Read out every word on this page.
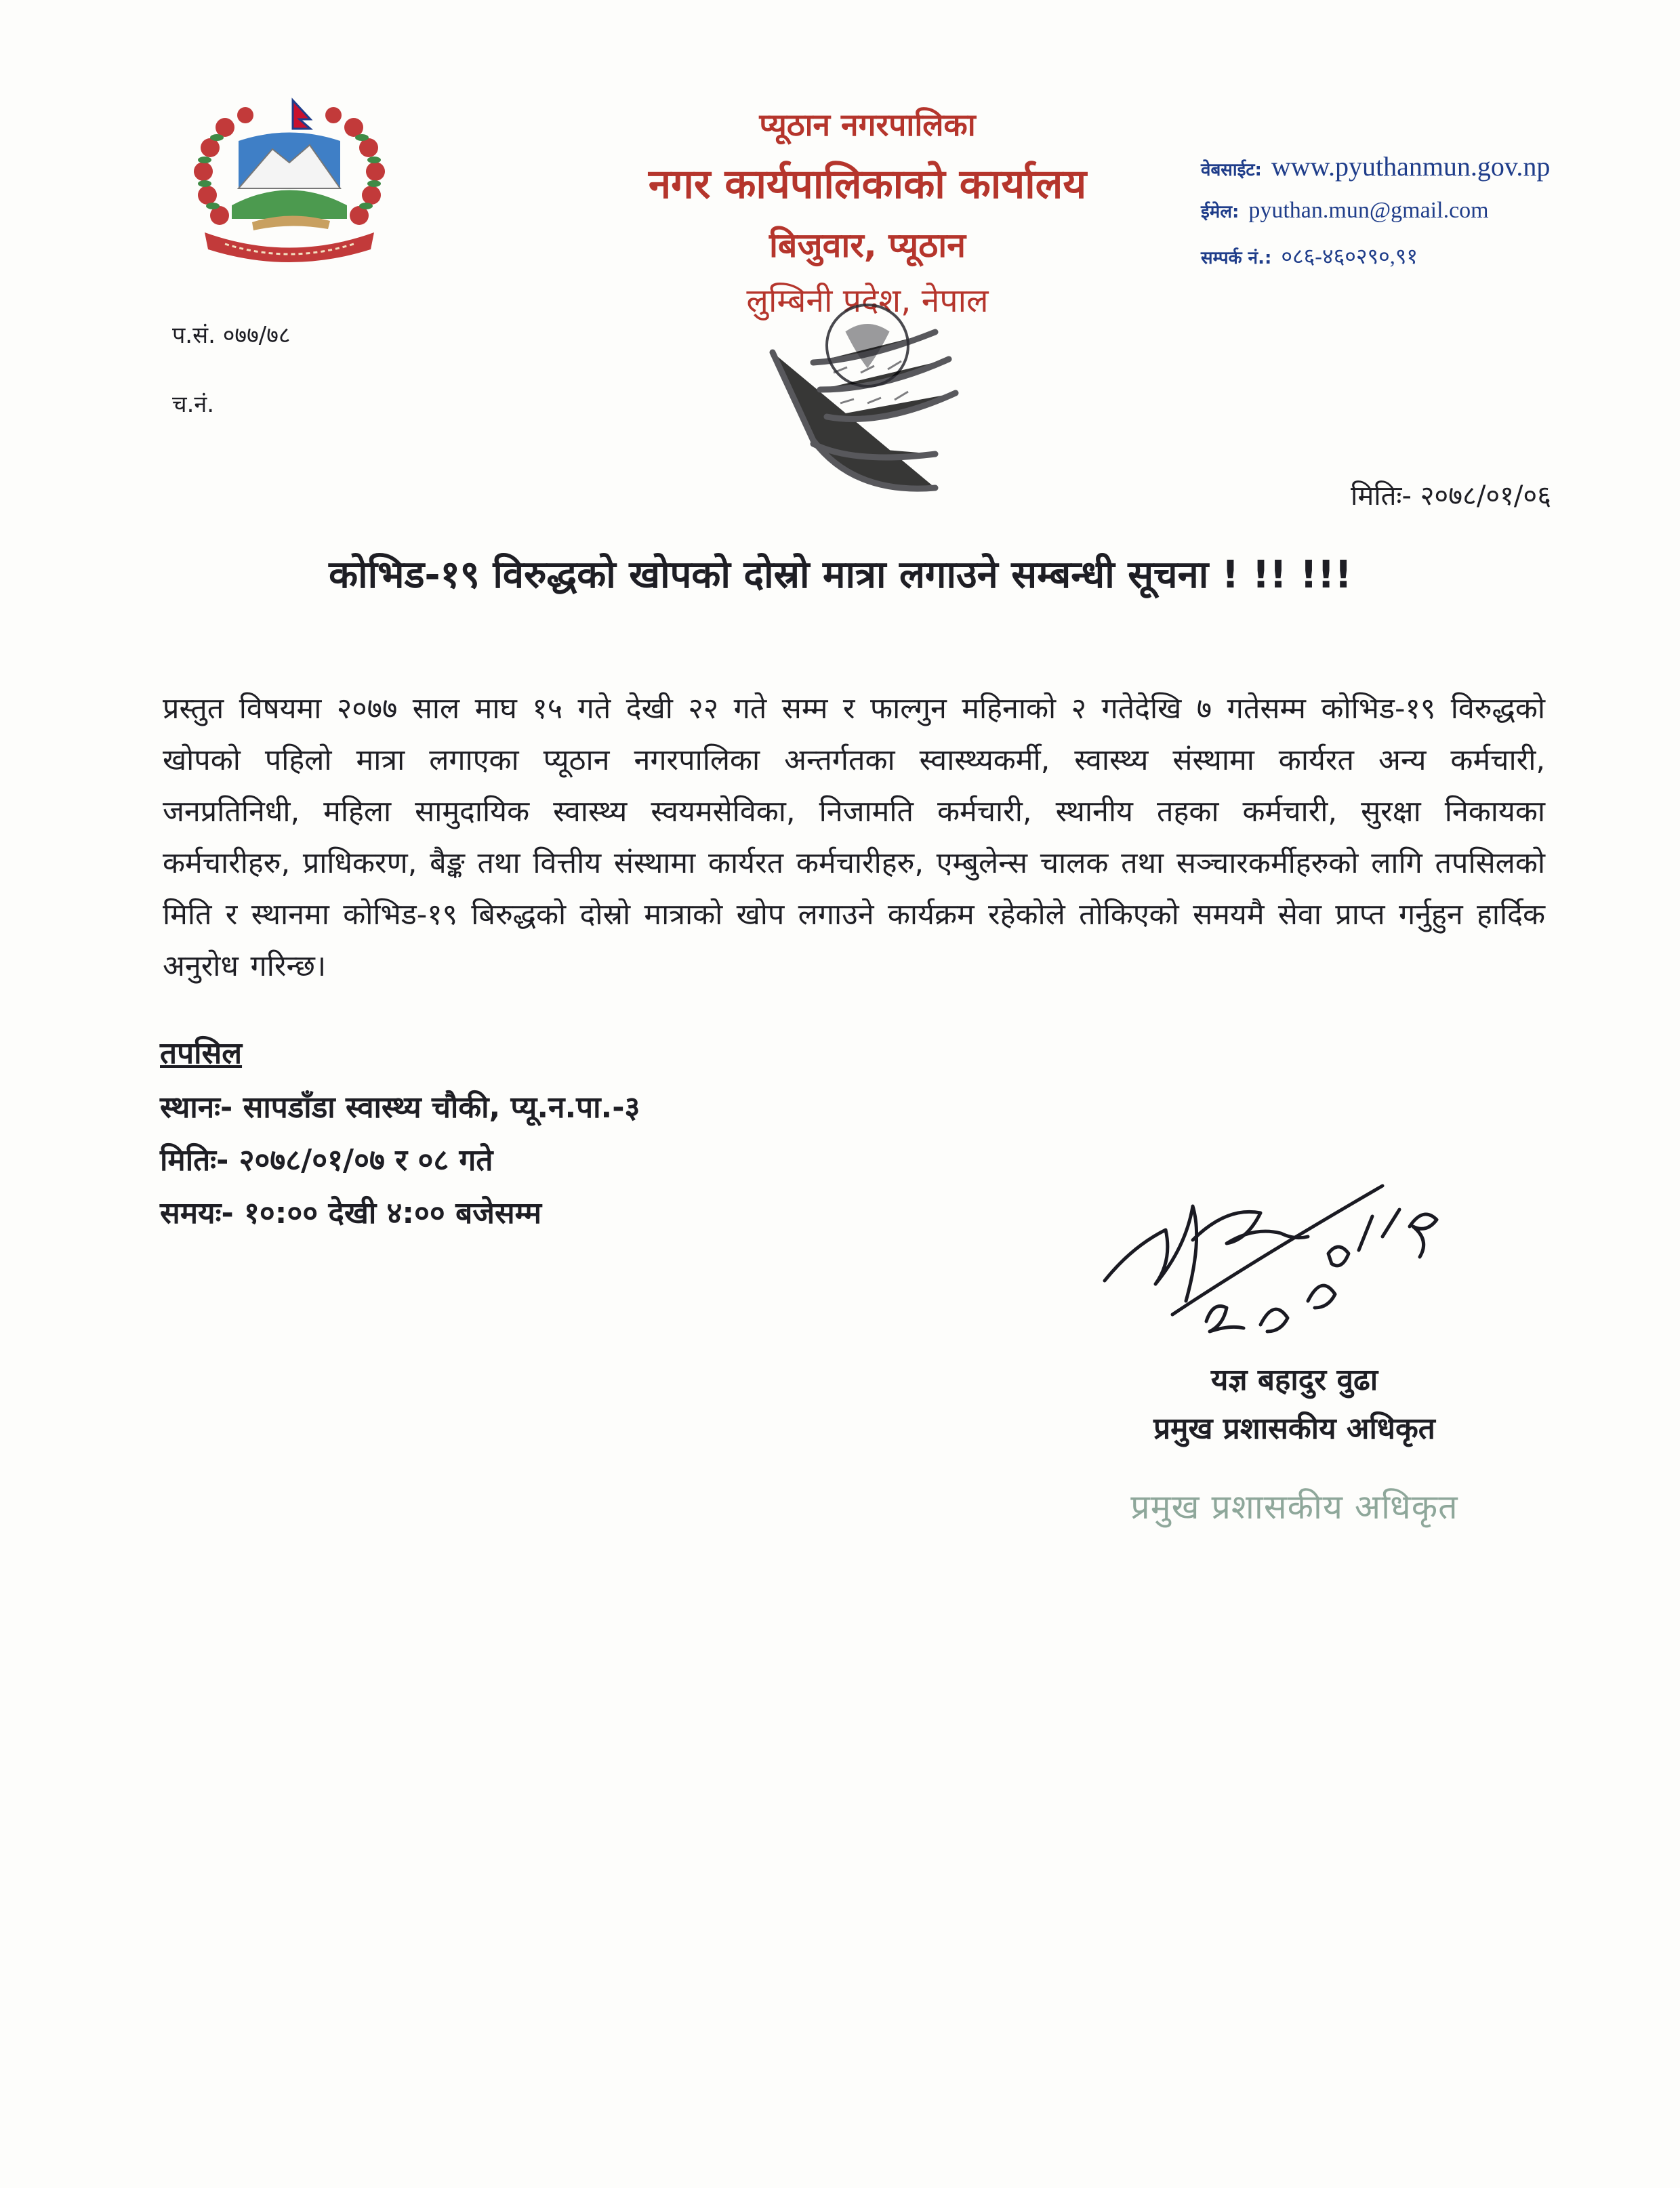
प्यूठान नगरपालिका
नगर कार्यपालिकाको कार्यालय
बिजुवार, प्यूठान
लुम्बिनी प्रदेश, नेपाल
वेबसाईट: www.pyuthanmun.gov.np
ईमेल: pyuthan.mun@gmail.com
सम्पर्क नं.: ०८६-४६०२९०,९१
प.सं. ०७७/७८
च.नं.
मितिः- २०७८/०१/०६
कोभिड-१९ विरुद्धको खोपको दोस्रो मात्रा लगाउने सम्बन्धी सूचना ! !! !!!
प्रस्तुत विषयमा २०७७ साल माघ १५ गते देखी २२ गते सम्म र फाल्गुन महिनाको २ गतेदेखि ७ गतेसम्म कोभिड-१९ विरुद्धको खोपको पहिलो मात्रा लगाएका प्यूठान नगरपालिका अन्तर्गतका स्वास्थ्यकर्मी, स्वास्थ्य संस्थामा कार्यरत अन्य कर्मचारी, जनप्रतिनिधी, महिला सामुदायिक स्वास्थ्य स्वयमसेविका, निजामति कर्मचारी, स्थानीय तहका कर्मचारी, सुरक्षा निकायका कर्मचारीहरु, प्राधिकरण, बैङ्क तथा वित्तीय संस्थामा कार्यरत कर्मचारीहरु, एम्बुलेन्स चालक तथा सञ्चारकर्मीहरुको लागि तपसिलको मिति र स्थानमा कोभिड-१९ बिरुद्धको दोस्रो मात्राको खोप लगाउने कार्यक्रम रहेकोले तोकिएको समयमै सेवा प्राप्त गर्नुहुन हार्दिक अनुरोध गरिन्छ।
तपसिल
स्थानः- सापडाँडा स्वास्थ्य चौकी, प्यू.न.पा.-३
मितिः- २०७८/०१/०७ र ०८ गते
समयः- १०:०० देखी ४:०० बजेसम्म
यज्ञ बहादुर वुढा
प्रमुख प्रशासकीय अधिकृत
प्रमुख प्रशासकीय अधिकृत
